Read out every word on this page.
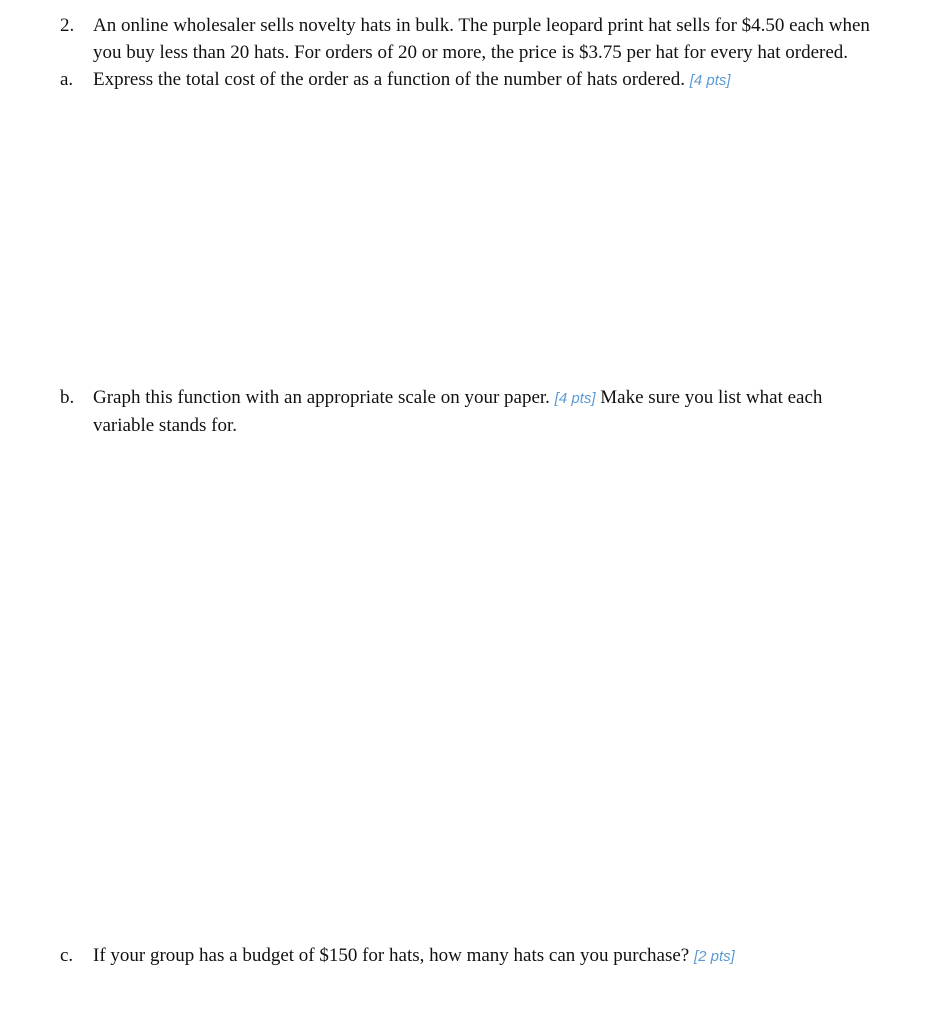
2. An online wholesaler sells novelty hats in bulk. The purple leopard print hat sells for $4.50 each when
you buy less than 20 hats. For orders of 20 or more, the price is $3.75 per hat for every hat ordered.
a. Express the total cost of the order as a function of the number of hats ordered. [4 pts]
b. Graph this function with an appropriate scale on your paper. [4 pts] Make sure you list what each
variable stands for.
c. If your group has a budget of $150 for hats, how many hats can you purchase? [2 pts]
